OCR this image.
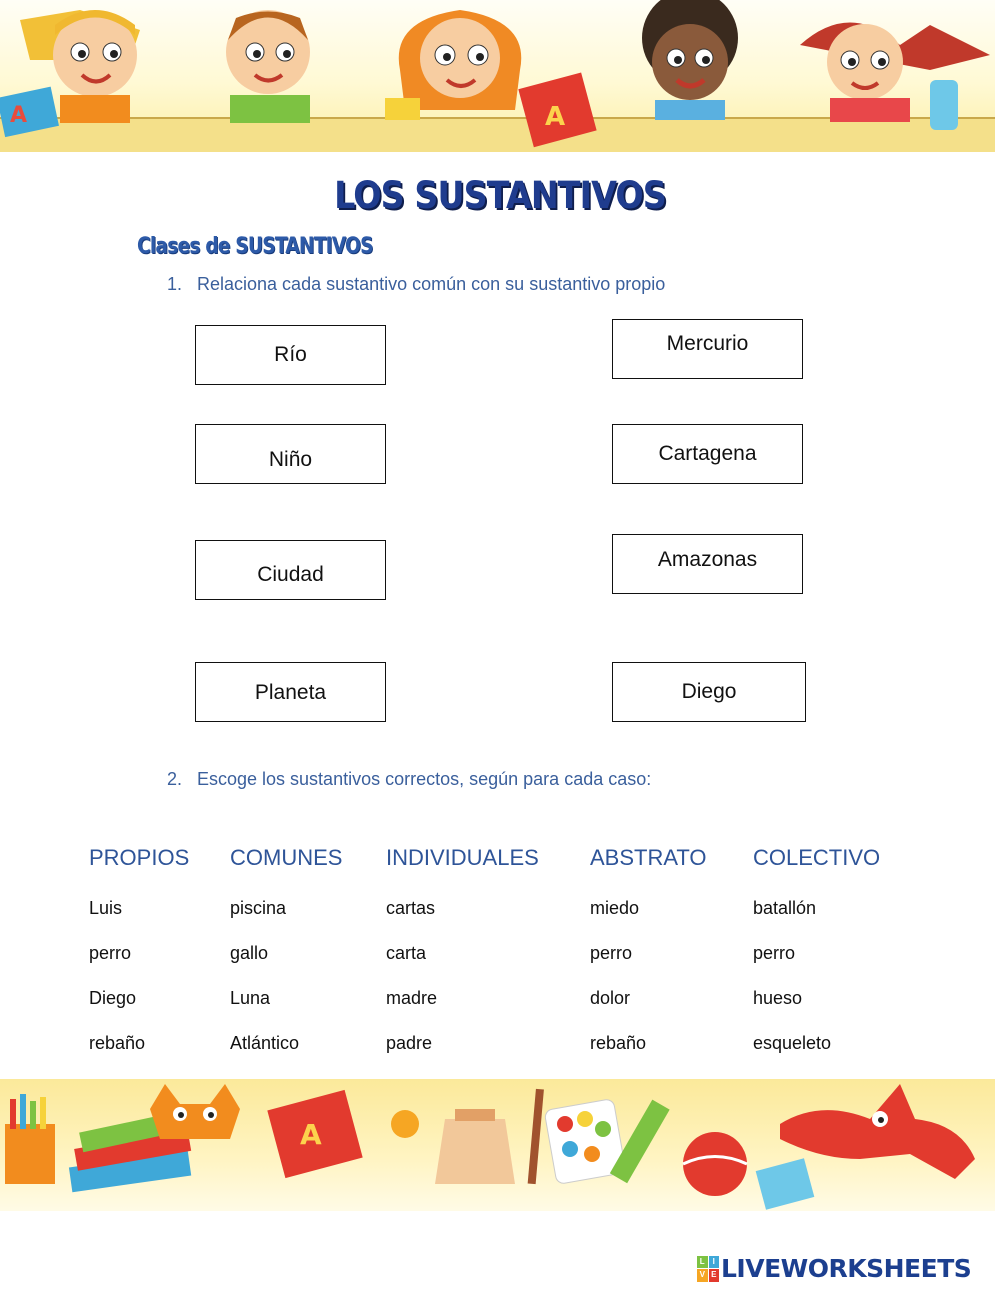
A	A
LOS SUSTANTIVOS
Clases de SUSTANTIVOS
1. Relaciona cada sustantivo común con su sustantivo propio
Río
Niño
Ciudad
Planeta
Mercurio
Cartagena
Amazonas
Diego
2. Escoge los sustantivos correctos, según para cada caso:
PROPIOS COMUNES INDIVIDUALES ABSTRATO COLECTIVO
Luis
perro
Diego
rebaño
piscina
gallo
Luna
Atlántico
cartas
carta
madre
padre
miedo
perro
dolor
rebaño
batallón
perro
hueso
esqueleto
A
L I
V E LIVEWORKSHEETS
